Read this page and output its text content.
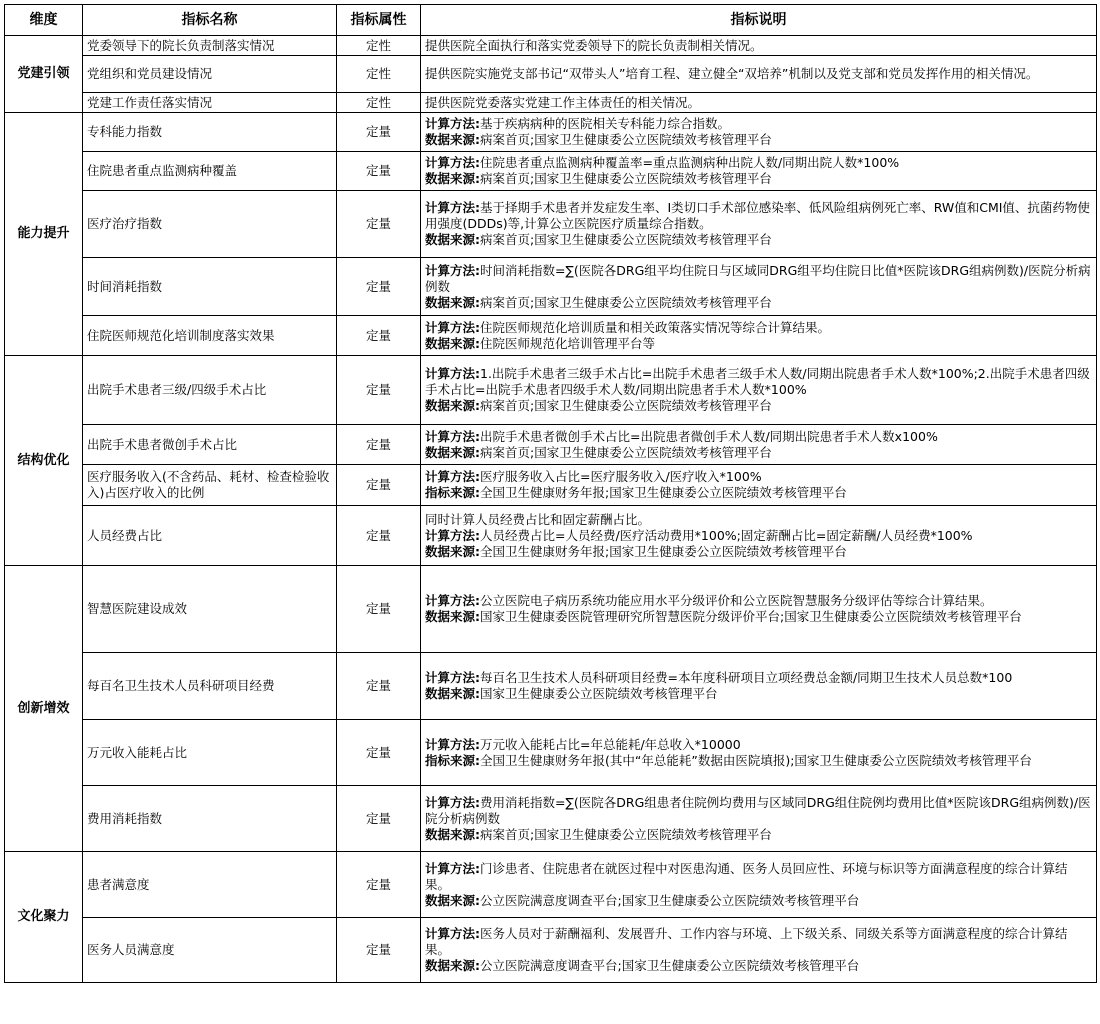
维度	指标名称	指标属性	指标说明
党建引领	党委领导下的院长负责制落实情况	定性	提供医院全面执行和落实党委领导下的院长负责制相关情况。

	党组织和党员建设情况	定性	提供医院实施党支部书记“双带头人”培育工程、建立健全“双培养”机制以及党支部和党员发挥作用的相关情况。

	党建工作责任落实情况	定性	提供医院党委落实党建工作主体责任的相关情况。

能力提升	专科能力指数	定量	计算方法:基于疾病病种的医院相关专科能力综合指数。
数据来源:病案首页;国家卫生健康委公立医院绩效考核管理平台

	住院患者重点监测病种覆盖	定量	计算方法:住院患者重点监测病种覆盖率=重点监测病种出院人数/同期出院人数*100%
数据来源:病案首页;国家卫生健康委公立医院绩效考核管理平台

	医疗治疗指数	定量	计算方法:基于择期手术患者并发症发生率、I类切口手术部位感染率、低风险组病例死亡率、RW值和CMI值、抗菌药物使用强度(DDDs)等,计算公立医院医疗质量综合指数。
数据来源:病案首页;国家卫生健康委公立医院绩效考核管理平台

	时间消耗指数	定量	计算方法:时间消耗指数=∑(医院各DRG组平均住院日与区域同DRG组平均住院日比值*医院该DRG组病例数)/医院分析病例数
数据来源:病案首页;国家卫生健康委公立医院绩效考核管理平台

	住院医师规范化培训制度落实效果	定量	计算方法:住院医师规范化培训质量和相关政策落实情况等综合计算结果。
数据来源:住院医师规范化培训管理平台等

结构优化	出院手术患者三级/四级手术占比	定量	计算方法:1.出院手术患者三级手术占比=出院手术患者三级手术人数/同期出院患者手术人数*100%;2.出院手术患者四级手术占比=出院手术患者四级手术人数/同期出院患者手术人数*100%
数据来源:病案首页;国家卫生健康委公立医院绩效考核管理平台

	出院手术患者微创手术占比	定量	计算方法:出院手术患者微创手术占比=出院患者微创手术人数/同期出院患者手术人数x100%
数据来源:病案首页;国家卫生健康委公立医院绩效考核管理平台

	医疗服务收入(不含药品、耗材、检查检验收入)占医疗收入的比例	定量	计算方法:医疗服务收入占比=医疗服务收入/医疗收入*100%
指标来源:全国卫生健康财务年报;国家卫生健康委公立医院绩效考核管理平台

	人员经费占比	定量	同时计算人员经费占比和固定薪酬占比。
计算方法:人员经费占比=人员经费/医疗活动费用*100%;固定薪酬占比=固定薪酬/人员经费*100%
数据来源:全国卫生健康财务年报;国家卫生健康委公立医院绩效考核管理平台

创新增效	智慧医院建设成效	定量	计算方法:公立医院电子病历系统功能应用水平分级评价和公立医院智慧服务分级评估等综合计算结果。
数据来源:国家卫生健康委医院管理研究所智慧医院分级评价平台;国家卫生健康委公立医院绩效考核管理平台

	每百名卫生技术人员科研项目经费	定量	计算方法:每百名卫生技术人员科研项目经费=本年度科研项目立项经费总金额/同期卫生技术人员总数*100
数据来源:国家卫生健康委公立医院绩效考核管理平台

	万元收入能耗占比	定量	计算方法:万元收入能耗占比=年总能耗/年总收入*10000
指标来源:全国卫生健康财务年报(其中“年总能耗”数据由医院填报);国家卫生健康委公立医院绩效考核管理平台

	费用消耗指数	定量	计算方法:费用消耗指数=∑(医院各DRG组患者住院例均费用与区域同DRG组住院例均费用比值*医院该DRG组病例数)/医院分析病例数
数据来源:病案首页;国家卫生健康委公立医院绩效考核管理平台

文化聚力	患者满意度	定量	计算方法:门诊患者、住院患者在就医过程中对医患沟通、医务人员回应性、环境与标识等方面满意程度的综合计算结果。
数据来源:公立医院满意度调查平台;国家卫生健康委公立医院绩效考核管理平台

	医务人员满意度	定量	计算方法:医务人员对于薪酬福利、发展晋升、工作内容与环境、上下级关系、同级关系等方面满意程度的综合计算结果。
数据来源:公立医院满意度调查平台;国家卫生健康委公立医院绩效考核管理平台
